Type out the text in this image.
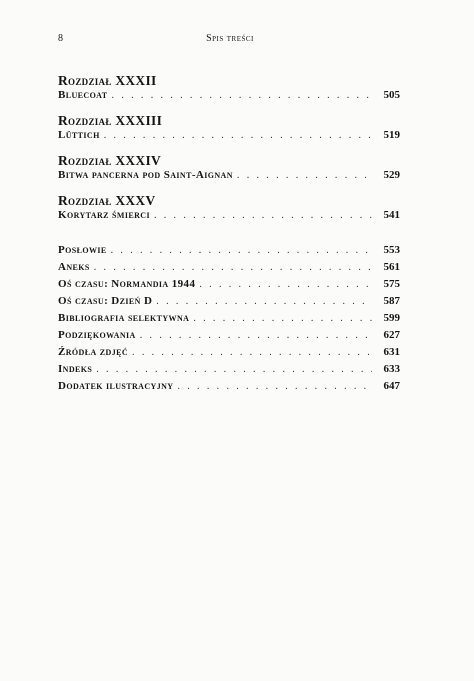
8	Spis treści
Rozdział XXXII
Bluecoat . . .	505
Rozdział XXXIII
Lüttich . . .	519
Rozdział XXXIV
Bitwa pancerna pod Saint-Aignan . . .	529
Rozdział XXXV
Korytarz śmierci . . .	541
Posłowie . . .	553
Aneks . . .	561
Oś czasu: Normandia 1944 . . .	575
Oś czasu: Dzień D . . .	587
Bibliografia selektywna . . .	599
Podziękowania . . .	627
Źródła zdjęć . . .	631
Indeks . . .	633
Dodatek ilustracyjny . . .	647
